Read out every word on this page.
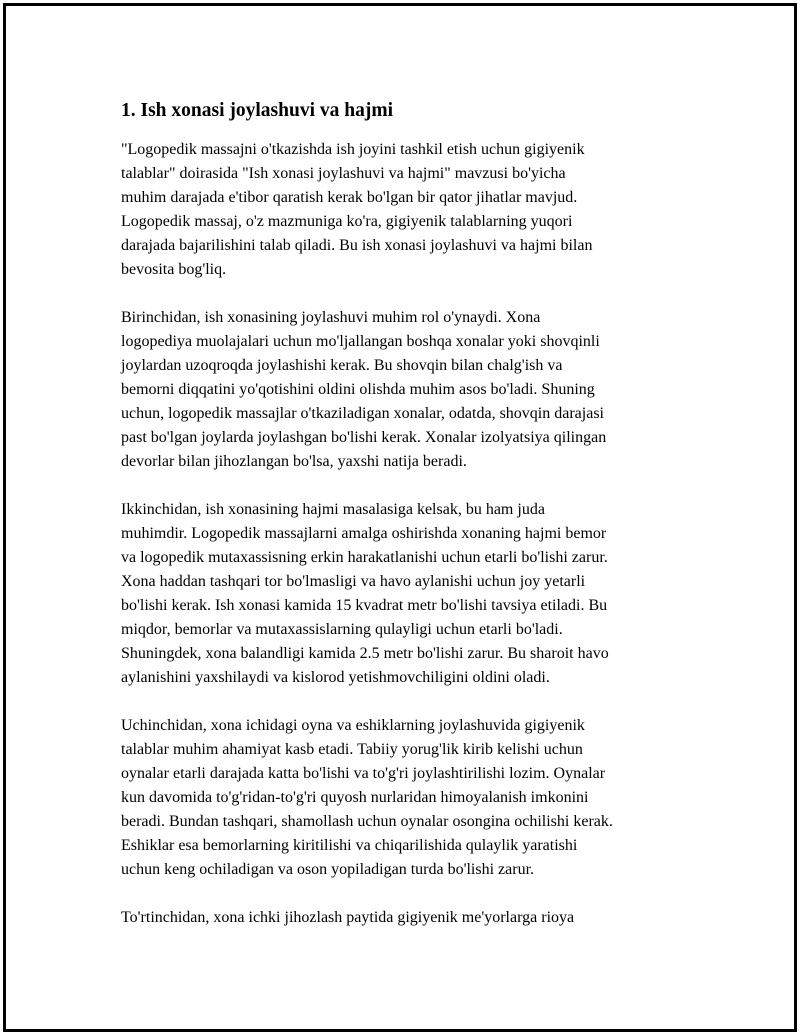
1. Ish xonasi joylashuvi va hajmi

"Logopedik massajni o'tkazishda ish joyini tashkil etish uchun gigiyenik
talablar" doirasida "Ish xonasi joylashuvi va hajmi" mavzusi bo'yicha
muhim darajada e'tibor qaratish kerak bo'lgan bir qator jihatlar mavjud.
Logopedik massaj, o'z mazmuniga ko'ra, gigiyenik talablarning yuqori
darajada bajarilishini talab qiladi. Bu ish xonasi joylashuvi va hajmi bilan
bevosita bog'liq.

Birinchidan, ish xonasining joylashuvi muhim rol o'ynaydi. Xona
logopediya muolajalari uchun mo'ljallangan boshqa xonalar yoki shovqinli
joylardan uzoqroqda joylashishi kerak. Bu shovqin bilan chalg'ish va
bemorni diqqatini yo'qotishini oldini olishda muhim asos bo'ladi. Shuning
uchun, logopedik massajlar o'tkaziladigan xonalar, odatda, shovqin darajasi
past bo'lgan joylarda joylashgan bo'lishi kerak. Xonalar izolyatsiya qilingan
devorlar bilan jihozlangan bo'lsa, yaxshi natija beradi.

Ikkinchidan, ish xonasining hajmi masalasiga kelsak, bu ham juda
muhimdir. Logopedik massajlarni amalga oshirishda xonaning hajmi bemor
va logopedik mutaxassisning erkin harakatlanishi uchun etarli bo'lishi zarur.
Xona haddan tashqari tor bo'lmasligi va havo aylanishi uchun joy yetarli
bo'lishi kerak. Ish xonasi kamida 15 kvadrat metr bo'lishi tavsiya etiladi. Bu
miqdor, bemorlar va mutaxassislarning qulayligi uchun etarli bo'ladi.
Shuningdek, xona balandligi kamida 2.5 metr bo'lishi zarur. Bu sharoit havo
aylanishini yaxshilaydi va kislorod yetishmovchiligini oldini oladi.

Uchinchidan, xona ichidagi oyna va eshiklarning joylashuvida gigiyenik
talablar muhim ahamiyat kasb etadi. Tabiiy yorug'lik kirib kelishi uchun
oynalar etarli darajada katta bo'lishi va to'g'ri joylashtirilishi lozim. Oynalar
kun davomida to'g'ridan-to'g'ri quyosh nurlaridan himoyalanish imkonini
beradi. Bundan tashqari, shamollash uchun oynalar osongina ochilishi kerak.
Eshiklar esa bemorlarning kiritilishi va chiqarilishida qulaylik yaratishi
uchun keng ochiladigan va oson yopiladigan turda bo'lishi zarur.

To'rtinchidan, xona ichki jihozlash paytida gigiyenik me'yorlarga rioya
